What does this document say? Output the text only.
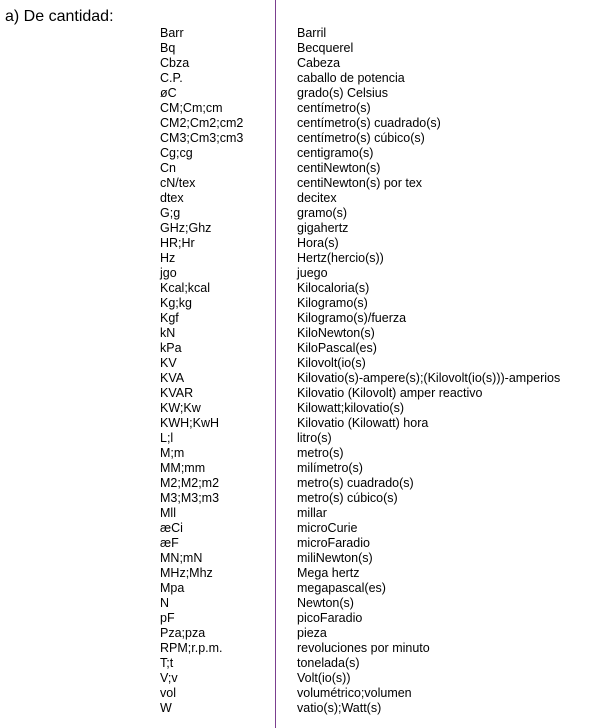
a) De cantidad:
Barr
Bq
Cbza
C.P.
øC
CM;Cm;cm
CM2;Cm2;cm2
CM3;Cm3;cm3
Cg;cg
Cn
cN/tex
dtex
G;g
GHz;Ghz
HR;Hr
Hz
jgo
Kcal;kcal
Kg;kg
Kgf
kN
kPa
KV
KVA
KVAR
KW;Kw
KWH;KwH
L;l
M;m
MM;mm
M2;M2;m2
M3;M3;m3
Mll
æCi
æF
MN;mN
MHz;Mhz
Mpa
N
pF
Pza;pza
RPM;r.p.m.
T;t
V;v
vol
W
Barril
Becquerel
Cabeza
caballo de potencia
grado(s) Celsius
centímetro(s)
centímetro(s) cuadrado(s)
centímetro(s) cúbico(s)
centigramo(s)
centiNewton(s)
centiNewton(s) por tex
decitex
gramo(s)
gigahertz
Hora(s)
Hertz(hercio(s))
juego
Kilocaloria(s)
Kilogramo(s)
Kilogramo(s)/fuerza
KiloNewton(s)
KiloPascal(es)
Kilovolt(io(s)
Kilovatio(s)-ampere(s);(Kilovolt(io(s)))-amperios
Kilovatio (Kilovolt) amper reactivo
Kilowatt;kilovatio(s)
Kilovatio (Kilowatt) hora
litro(s)
metro(s)
milímetro(s)
metro(s) cuadrado(s)
metro(s) cúbico(s)
millar
microCurie
microFaradio
miliNewton(s)
Mega hertz
megapascal(es)
Newton(s)
picoFaradio
pieza
revoluciones por minuto
tonelada(s)
Volt(io(s))
volumétrico;volumen
vatio(s);Watt(s)
